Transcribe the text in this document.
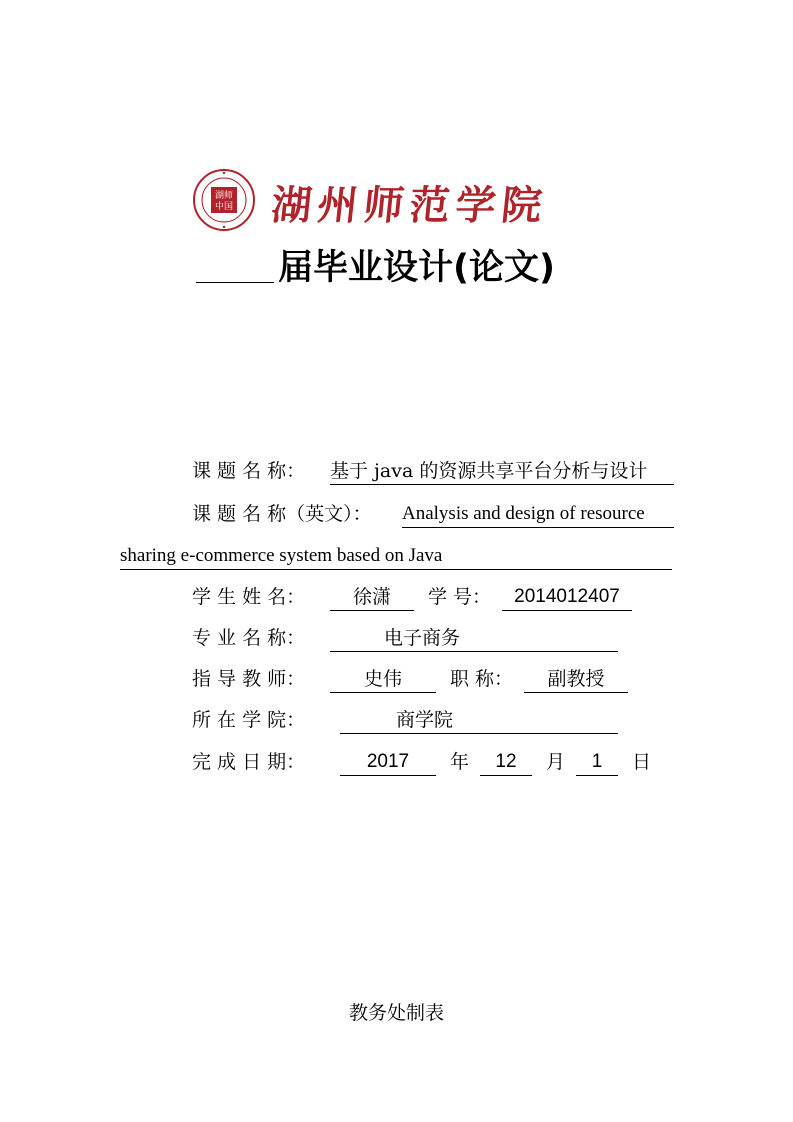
湖师
中国 湖州师范学院
届毕业设计(论文)
课 题 名 称： 基于 java 的资源共享平台分析与设计
课 题 名 称（英文）： Analysis and design of resource
sharing e-commerce system based on Java
学 生 姓 名：	徐潇	学 号：	2014012407
专 业 名 称：	电子商务
指 导 教 师：	史伟	职 称：	副教授
所 在 学 院：	商学院
完 成 日 期：	2017	年	12	月	1	日
教务处制表
